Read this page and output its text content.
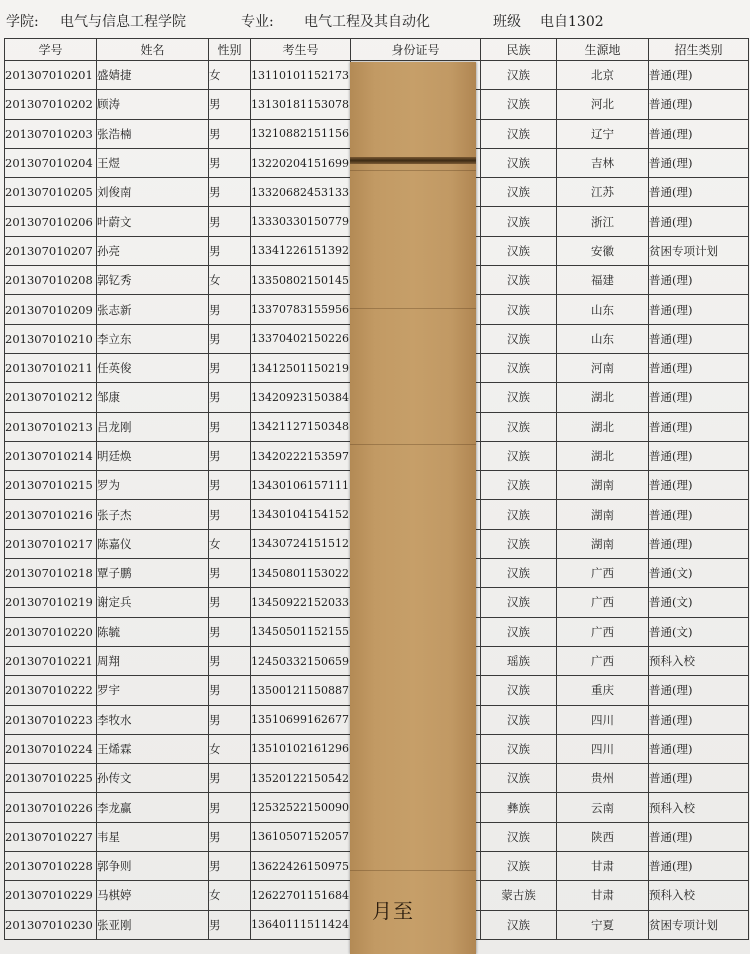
学院: 电气与信息工程学院	专业: 电气工程及其自动化	班级 电自1302
学号	姓名	性别	考生号	身份证号	民族	生源地	招生类别
201307010201	盛婧捷	女	13110101152173		汉族	北京	普通(理)
201307010202	顾涛	男	13130181153078		汉族	河北	普通(理)
201307010203	张浩楠	男	13210882151156		汉族	辽宁	普通(理)
201307010204	王煜	男	13220204151699		汉族	吉林	普通(理)
201307010205	刘俊南	男	13320682453133		汉族	江苏	普通(理)
201307010206	叶蔚文	男	13330330150779		汉族	浙江	普通(理)
201307010207	孙亮	男	13341226151392		汉族	安徽	贫困专项计划
201307010208	郭钇秀	女	13350802150145		汉族	福建	普通(理)
201307010209	张志新	男	13370783155956		汉族	山东	普通(理)
201307010210	李立东	男	13370402150226		汉族	山东	普通(理)
201307010211	任英俊	男	13412501150219		汉族	河南	普通(理)
201307010212	邹康	男	13420923150384		汉族	湖北	普通(理)
201307010213	吕龙刚	男	13421127150348		汉族	湖北	普通(理)
201307010214	明廷焕	男	13420222153597		汉族	湖北	普通(理)
201307010215	罗为	男	13430106157111		汉族	湖南	普通(理)
201307010216	张子杰	男	13430104154152		汉族	湖南	普通(理)
201307010217	陈嘉仪	女	13430724151512		汉族	湖南	普通(理)
201307010218	覃子鹏	男	13450801153022		汉族	广西	普通(文)
201307010219	谢定兵	男	13450922152033		汉族	广西	普通(文)
201307010220	陈毓	男	13450501152155		汉族	广西	普通(文)
201307010221	周翔	男	12450332150659		瑶族	广西	预科入校
201307010222	罗宇	男	13500121150887		汉族	重庆	普通(理)
201307010223	李牧水	男	13510699162677		汉族	四川	普通(理)
201307010224	王烯霖	女	13510102161296		汉族	四川	普通(理)
201307010225	孙传文	男	13520122150542		汉族	贵州	普通(理)
201307010226	李龙赢	男	12532522150090		彝族	云南	预科入校
201307010227	韦星	男	13610507152057		汉族	陕西	普通(理)
201307010228	郭争则	男	13622426150975		汉族	甘肃	普通(理)
201307010229	马棋婷	女	12622701151684		蒙古族	甘肃	预科入校
201307010230	张亚刚	男	13640111511424		汉族	宁夏	贫困专项计划
月至
